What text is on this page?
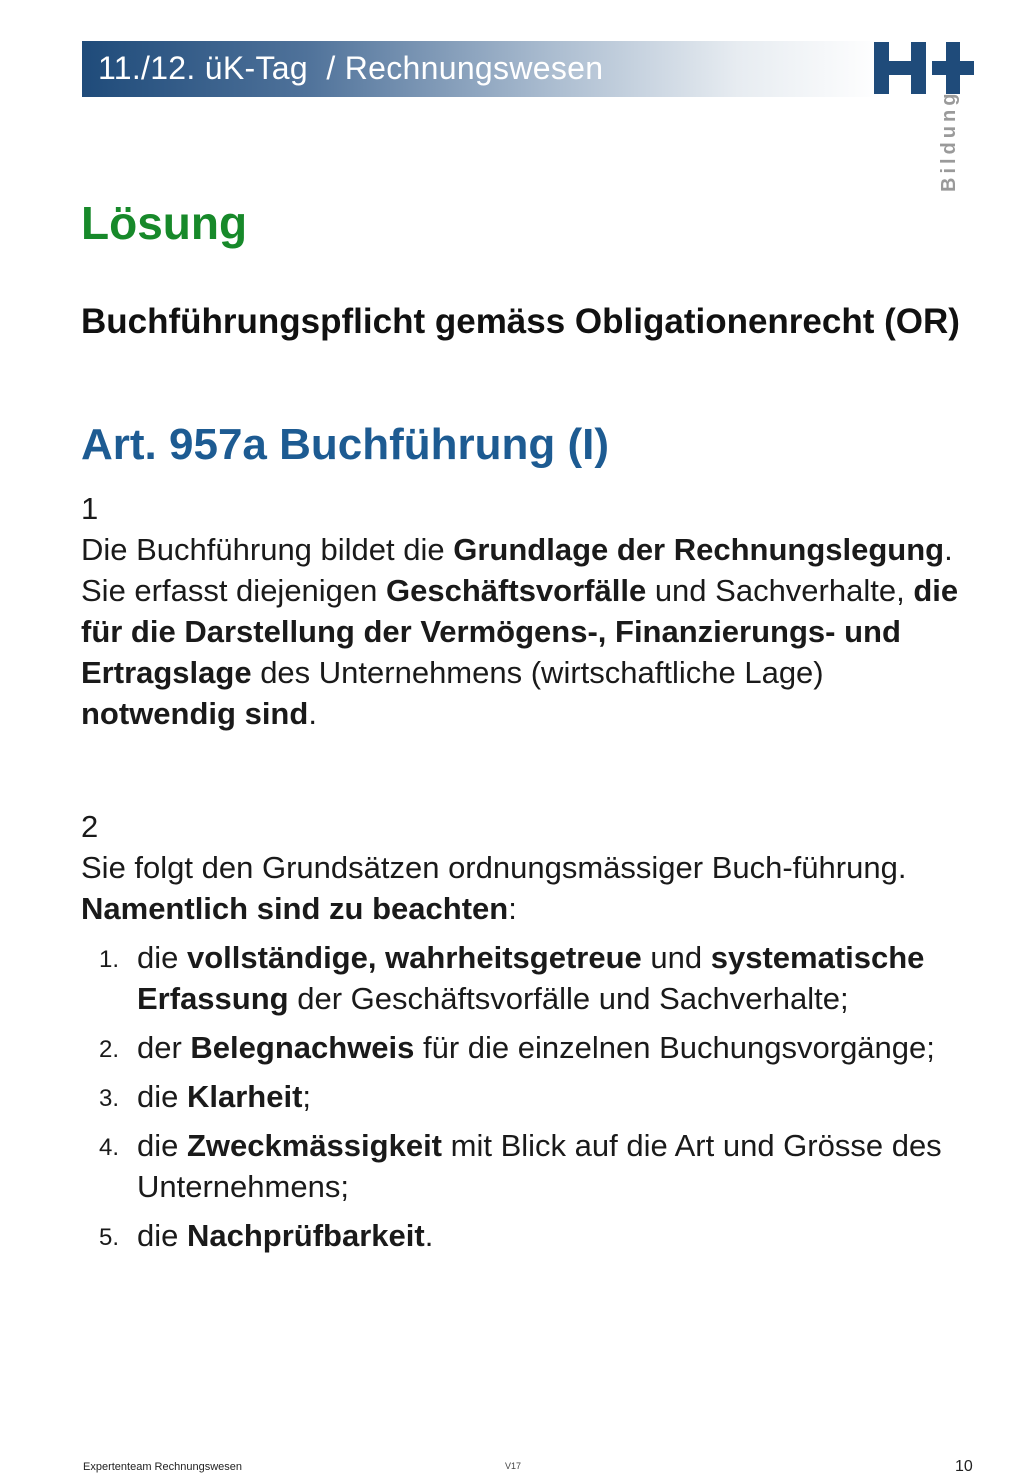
11./12. üK-Tag  / Rechnungswesen
Bildung
Lösung
Buchführungspflicht gemäss Obligationenrecht (OR)
Art. 957a Buchführung (I)
1
Die Buchführung bildet die Grundlage der Rechnungslegung. Sie erfasst diejenigen Geschäftsvorfälle und Sachverhalte, die für die Darstellung der Vermögens-, Finanzierungs- und Ertragslage des Unternehmens (wirtschaftliche Lage) notwendig sind.
2
Sie folgt den Grundsätzen ordnungsmässiger Buch-führung. Namentlich sind zu beachten:
1. die vollständige, wahrheitsgetreue und systematische Erfassung der Geschäftsvorfälle und Sachverhalte;
2. der Belegnachweis für die einzelnen Buchungsvorgänge;
3. die Klarheit;
4. die Zweckmässigkeit mit Blick auf die Art und Grösse des Unternehmens;
5. die Nachprüfbarkeit.
Expertenteam Rechnungswesen	V17	10
